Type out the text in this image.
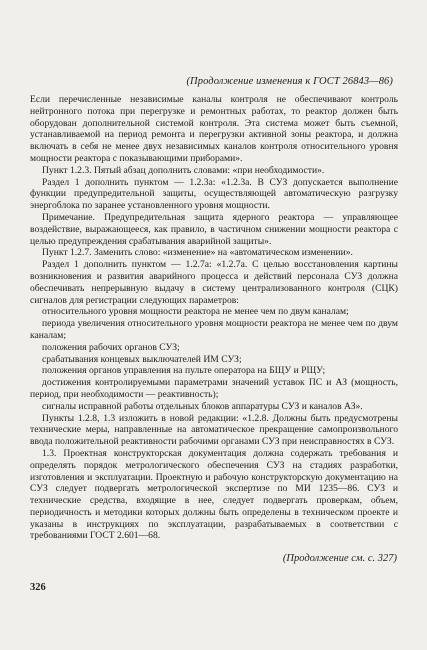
(Продолжение изменения к ГОСТ 26843—86)

Если перечисленные независимые каналы контроля не обеспечивают контроль нейтронного потока при перегрузке и ремонтных работах, то реактор должен быть оборудован дополнительной системой контроля. Эта система может быть съемной, устанавливаемой на период ремонта и перегрузки активной зоны реактора, и должна включать в себя не менее двух независимых каналов контроля относительного уровня мощности реактора с показывающими приборами».

Пункт 1.2.3. Пятый абзац дополнить словами: «при необходимости».

Раздел 1 дополнить пунктом — 1.2.3а: «1.2.3а. В СУЗ допускается выполнение функции предупредительной защиты, осуществляющей автоматическую разгрузку энергоблока по заранее установленного уровня мощности.

Примечание. Предупредительная защита ядерного реактора — управляющее воздействие, выражающееся, как правило, в частичном снижении мощности реактора с целью предупреждения срабатывания аварийной защиты».

Пункт 1.2.7. Заменить слово: «изменение» на «автоматическом изменении».

Раздел 1 дополнить пунктом — 1.2.7а: «1.2.7а. С целью восстановления картины возникновения и развития аварийного процесса и действий персонала СУЗ должна обеспечивать непрерывную выдачу в систему централизованного контроля (СЦК) сигналов для регистрации следующих параметров:

относительного уровня мощности реактора не менее чем по двум каналам;

периода увеличения относительного уровня мощности реактора не менее чем по двум каналам;

положения рабочих органов СУЗ;

срабатывания концевых выключателей ИМ СУЗ;

положения органов управления на пульте оператора на БЩУ и РЩУ;

достижения контролируемыми параметрами значений уставок ПС и АЗ (мощность, период, при необходимости — реактивность);

сигналы исправной работы отдельных блоков аппаратуры СУЗ и каналов АЗ».

Пункты 1.2.8, 1.3 изложить в новой редакции: «1.2.8. Должны быть предусмотрены технические меры, направленные на автоматическое прекращение самопроизвольного ввода положительной реактивности рабочими органами СУЗ при неисправностях в СУЗ.

1.3. Проектная конструкторская документация должна содержать требования и определять порядок метрологического обеспечения СУЗ на стадиях разработки, изготовления и эксплуатации. Проектную и рабочую конструкторскую документацию на СУЗ следует подвергать метрологической экспертизе по МИ 1235—86. СУЗ и технические средства, входящие в нее, следует подвергать проверкам, объем, периодичность и методики которых должны быть определены в техническом проекте и указаны в инструкциях по эксплуатации, разрабатываемых в соответствии с требованиями ГОСТ 2.601—68.

(Продолжение см. с. 327)
326
